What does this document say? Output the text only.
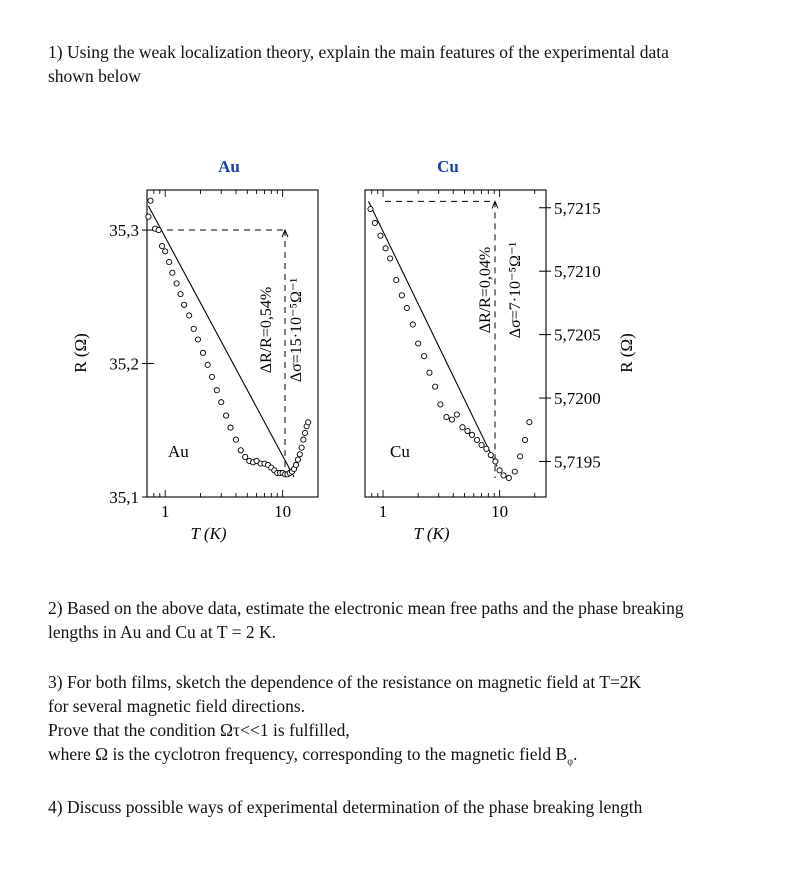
1) Using the weak localization theory, explain the main features of the experimental data
shown below
1	10
T (K)
35,1
35,2
35,3
Au
Au
ΔR/R=0,54% Δσ=15·10⁻⁵Ω⁻¹
1	10
T (K)
5,7195
5,7200
5,7205
5,7210
5,7215
Cu
Cu
ΔR/R=0,04% Δσ=7·10⁻⁵Ω⁻¹
R (Ω)	R (Ω)
2) Based on the above data, estimate the electronic mean free paths and the phase breaking
lengths in Au and Cu at T = 2 K.
3) For both films, sketch the dependence of the resistance on magnetic field at T=2K
for several magnetic field directions.
Prove that the condition Ωτ<<1 is fulfilled,
where Ω is the cyclotron frequency, corresponding to the magnetic field $B_\varphi$.
4) Discuss possible ways of experimental determination of the phase breaking length
